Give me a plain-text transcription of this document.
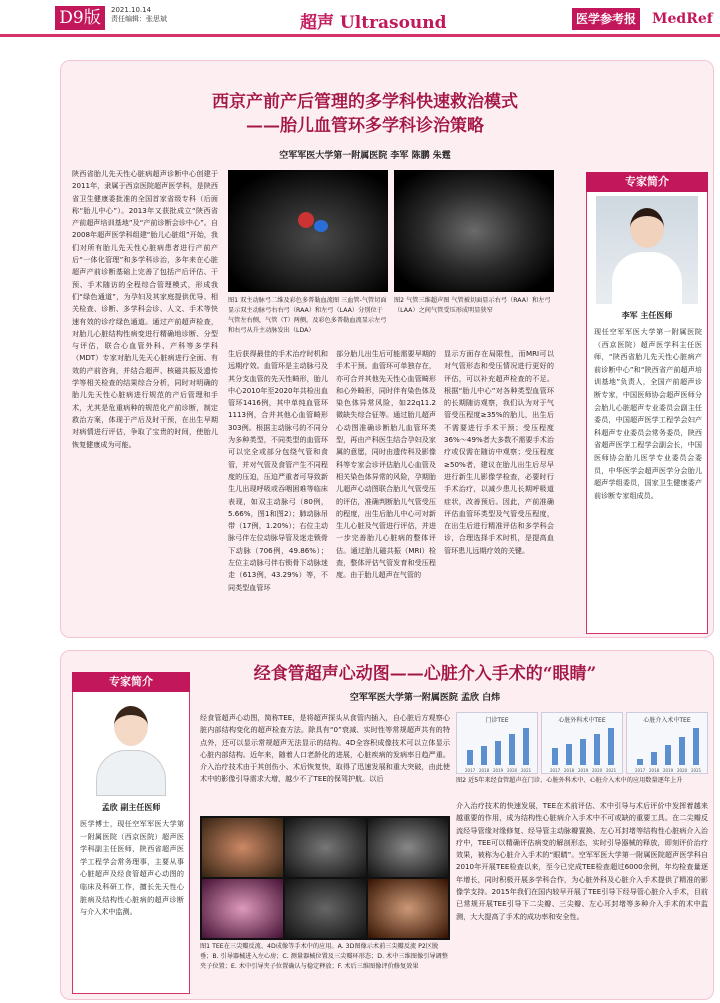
D9版	2021.10.14
责任编辑：张思斌	超声 Ultrasound	医学参考报 MedRef
西京产前产后管理的多学科快速救治模式
——胎儿血管环多学科诊治策略
空军军医大学第一附属医院 李军 陈鹏 朱霆
陕西省胎儿先天性心脏病超声诊断中心创建于2011年，隶属于西京医院超声医学科，是陕西省卫生健康委批准的全国首家省级专科（后面称“胎儿中心”）。2013年又获批成立“陕西省产前超声培训基地”及“产前诊断会诊中心”。自2008年超声医学科组建“胎儿心脏组”开始，我们对所有胎儿先天性心脏病患者进行产前产后“一体化管理”和多学科诊治，多年来在心脏超声产前诊断基础上完善了包括产后评估、干预、手术随访的全程综合管理模式，形成我们“绿色通道”，为孕妇及其家庭提供优导、相关检查、诊断、多学科会诊、人文、手术等快速有效的诊疗绿色通道。通过产前超声检查，对胎儿心脏结构性病变进行精确地诊断、分型与评估，联合心血管外科、产科等多学科（MDT）专家对胎儿先天心脏病进行全面、有效的产前咨询，并结合超声、核磁共振及遗传学等相关检查的结果综合分析，同时对明确的胎儿先天性心脏病进行规范的产后管理和手术，尤其是危重病种的规范化产前诊断，制定救治方案，体现于产后及时干预，在出生早期对病情进行评估，争取了宝贵的时间，使胎儿恢复健康成为可能。
图1 双主动脉弓二维及彩色多普勒血流图 三血管-气管切面显示双主动脉弓右右弓（RAA）和左弓（LAA）分别位于气管左右侧，气管（T）两侧，及彩色多普勒血流显示左弓和右弓从升主动脉发出（LDA）
图2 气管三维超声图 气管被切面显示右弓（RAA）和左弓（LAA）之间气管受压形成明显狭窄
生后获得最佳的手术治疗时机和远期疗效。血管环是主动脉弓及其分支血管的先天性畸形，胎儿中心2010年至2020年共检出血管环1416例，其中单纯血管环1113例，合并其他心血管畸形303例。根据主动脉弓的不同分为多种类型，不同类型的血管环可以完全或部分包绕气管和食管，并对气管及食管产生不同程度的压迫，压迫严重者可导致新生儿出现呼吸或吞咽困难等临床表现，如双主动脉弓（80例，5.66%，图1和图2）；肺动脉吊带（17例，1.20%）；右位主动脉弓伴左位动脉导管及迷走锁骨下动脉（706例，49.86%）；左位主动脉弓伴右锁骨下动脉迷走（613例，43.29%）等，不同类型血管环
部分胎儿出生后可能需要早期的手术干预。血管环可单独存在，亦可合并其他先天性心血管畸形和心外畸形，同时伴有染色体及染色体异常风险，如22q11.2微缺失综合征等。通过胎儿超声心动图准确诊断胎儿血管环类型，再由产科医生结合孕妇及家属的意愿，同时由遗传科及影像科等专家会诊评估胎儿心血管及相关染色体异常的风险，孕期胎儿超声心动图联合胎儿气管受压的评估，准确判断胎儿气管受压的程度，出生后胎儿中心可对新生儿心脏及气管进行评估，并进一步完善胎儿心脏病的整体评估。通过胎儿磁共振（MRI）检查，整体评估气管发育和受压程度。由于胎儿超声在气管的
显示方面存在局限性，而MRI可以对气管形态和受压情况进行更好的评估，可以补充超声检查的不足。根据“胎儿中心”对各种类型血管环的长期随访观察，我们认为对于气管受压程度≥35%的胎儿，出生后不需要进行手术干预；受压程度36%～49%者大多数不需要手术治疗或仅需在随访中观察；受压程度≥50%者，建议在胎儿出生后尽早进行新生儿影像学检查，必要时行手术治疗，以减少患儿长期呼吸道症状，改善预后。因此，产前准确评估血管环类型及气管受压程度，在出生后进行精准评估和多学科会诊，合理选择手术时机，是提高血管环患儿远期疗效的关键。
专家简介
李军 主任医师
现任空军军医大学第一附属医院（西京医院）超声医学科主任医师，“陕西省胎儿先天性心脏病产前诊断中心”和“陕西省产前超声培训基地”负责人，全国产前超声诊断专家，中国医师协会超声医师分会胎儿心脏超声专业委员会副主任委员，中国超声医学工程学会妇产科超声专业委员会常务委员，陕西省超声医学工程学会副会长，中国医师协会胎儿医学专业委员会委员，中华医学会超声医学分会胎儿超声学组委员，国家卫生健康委产前诊断专家组成员。
经食管超声心动图——心脏介入手术的“眼睛”
空军军医大学第一附属医院 孟欣 白炜
专家简介
孟欣 副主任医师
医学博士，现任空军军医大学第一附属医院（西京医院）超声医学科副主任医师，陕西省超声医学工程学会常务理事，主要从事心脏超声及经食管超声心动图的临床及科研工作，擅长先天性心脏病及结构性心脏病的超声诊断与介入术中监测。
经食管超声心动图，简称TEE，是将超声探头从食管内插入，自心脏后方观察心脏内部结构变化的超声检查方法。除具有“0”衰减、实时性等常规超声共有的特点外，还可以显示常规超声无法显示的结构。4D全容积成像技术可以立体显示心脏内部结构。近年来，随着人口老龄化的进展，心脏疾病的发病率日趋严重。介入治疗技术由于其创伤小、术后恢复快，取得了迅速发展和重大突破，由此使术中的影像引导需求大增，越少不了TEE的保驾护航。以后
图1 TEE在三尖瓣反流、4D成像等手术中的应用。A. 3D图像示术前三尖瓣反流 P2区脱垂；B. 引导器械进入左心房；C. 测量器械位置及三尖瓣环形态；D. 术中三维图像引导调整夹子位置；E. 术中引导夹子位置确认与稳定释放；F. 术后三维图像评价修复效果
门诊TEE
2017 2018 2019 2020 2021
心脏外科术中TEE
2017 2018 2019 2020 2021
心脏介入术中TEE
2017 2018 2019 2020 2021
图2 近5年来经食管超声在门诊、心脏外科术中、心脏介入术中的应用数量逐年上升
介入治疗技术的快速发展，TEE在术前评估、术中引导与术后评价中发挥着越来越重要的作用，成为结构性心脏病介入手术中不可或缺的重要工具。在二尖瓣反流经导管缘对缘修复、经导管主动脉瓣置换、左心耳封堵等结构性心脏病介入治疗中，TEE可以精确评估病变的解剖形态，实时引导器械的释放，即刻评价治疗效果，被称为心脏介入手术的“眼睛”。空军军医大学第一附属医院超声医学科自2010年开展TEE检查以来，至今已完成TEE检查超过6000余例，年均检查量逐年增长，同时积极开展多学科合作，为心脏外科及心脏介入手术提供了精准的影像学支持。2015年我们在国内较早开展了TEE引导下经导管心脏介入手术，目前已常规开展TEE引导下二尖瓣、三尖瓣、左心耳封堵等多种介入手术的术中监测，大大提高了手术的成功率和安全性。
